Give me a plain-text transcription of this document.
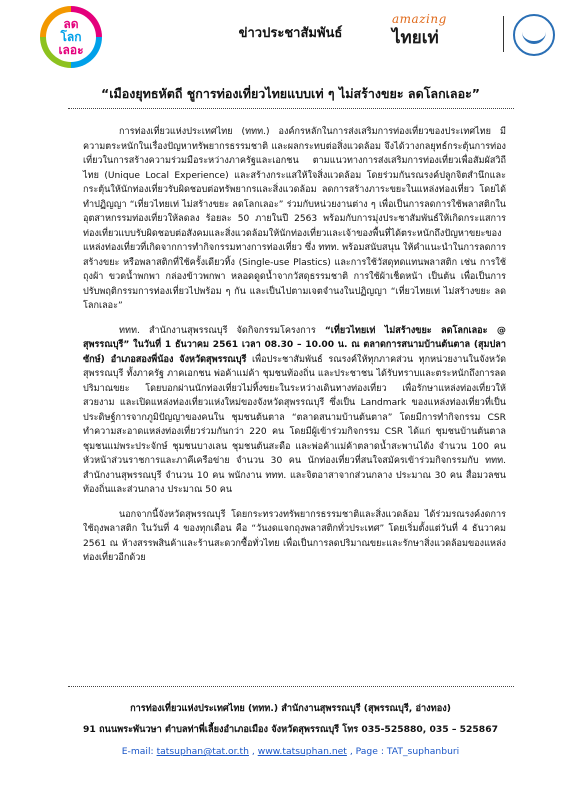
ลด
โลก
เลอะ
ข่าวประชาสัมพันธ์
amazing
ไทยเท่
“เมืองยุทธหัตถี ชูการท่องเที่ยวไทยแบบเท่ ๆ ไม่สร้างขยะ ลดโลกเลอะ”

การท่องเที่ยวแห่งประเทศไทย (ททท.) องค์กรหลักในการส่งเสริมการท่องเที่ยวของประเทศไทย มีความตระหนักในเรื่องปัญหาทรัพยากรธรรมชาติ และผลกระทบต่อสิ่งแวดล้อม จึงได้วางกลยุทธ์กระตุ้นการท่องเที่ยวในการสร้างความร่วมมือระหว่างภาครัฐและเอกชน ตามแนวทางการส่งเสริมการท่องเที่ยวเพื่อสัมผัสวิถีไทย (Unique Local Experience) และสร้างกระแสให้ใจสิ่งแวดล้อม โดยร่วมกันรณรงค์ปลูกจิตสำนึกและกระตุ้นให้นักท่องเที่ยวรับผิดชอบต่อทรัพยากรและสิ่งแวดล้อม ลดการสร้างภาระขยะในแหล่งท่องเที่ยว โดยได้ทำปฏิญญา “เที่ยวไทยเท่ ไม่สร้างขยะ ลดโลกเลอะ” ร่วมกับหน่วยงานต่าง ๆ เพื่อเป็นการลดการใช้พลาสติกในอุตสาหกรรมท่องเที่ยวให้ลดลง ร้อยละ 50 ภายในปี 2563 พร้อมกับการมุ่งประชาสัมพันธ์ให้เกิดกระแสการท่องเที่ยวแบบรับผิดชอบต่อสังคมและสิ่งแวดล้อมให้นักท่องเที่ยวและเจ้าของพื้นที่ได้ตระหนักถึงปัญหาขยะของแหล่งท่องเที่ยวที่เกิดจากการทำกิจกรรมทางการท่องเที่ยว ซึ่ง ททท. พร้อมสนับสนุน ให้คำแนะนำในการลดการสร้างขยะ หรือพลาสติกที่ใช้ครั้งเดียวทิ้ง (Single-use Plastics) และการใช้วัสดุทดแทนพลาสติก เช่น การใช้ถุงผ้า ขวดน้ำพกพา กล่องข้าวพกพา หลอดดูดน้ำจากวัสดุธรรมชาติ การใช้ผ้าเช็ดหน้า เป็นต้น เพื่อเป็นการปรับพฤติกรรมการท่องเที่ยวไปพร้อม ๆ กัน และเป็นไปตามเจตจำนงในปฏิญญา “เที่ยวไทยเท่ ไม่สร้างขยะ ลดโลกเลอะ”

ททท. สำนักงานสุพรรณบุรี จัดกิจกรรมโครงการ “เที่ยวไทยเท่ ไม่สร้างขยะ ลดโลกเลอะ @ สุพรรณบุรี” ในวันที่ 1 ธันวาคม 2561 เวลา 08.30 – 10.00 น. ณ ตลาดการสนามบ้านต้นตาล (สุมปลาซักษ์) อำเภอสองพี่น้อง จังหวัดสุพรรณบุรี เพื่อประชาสัมพันธ์ รณรงค์ให้ทุกภาคส่วน ทุกหน่วยงานในจังหวัดสุพรรณบุรี ทั้งภาครัฐ ภาคเอกชน พ่อค้าแม่ค้า ชุมชนท้องถิ่น และประชาชน ได้รับทราบและตระหนักถึงการลดปริมาณขยะ โดยบอกผ่านนักท่องเที่ยวไม่ทิ้งขยะในระหว่างเดินทางท่องเที่ยว เพื่อรักษาแหล่งท่องเที่ยวให้สวยงาม และเปิดแหล่งท่องเที่ยวแห่งใหม่ของจังหวัดสุพรรณบุรี ซึ่งเป็น Landmark ของแหล่งท่องเที่ยวที่เป็นประดิษฐ์การจากภูมิปัญญาของคนใน ชุมชนต้นตาล “ตลาดสนามบ้านต้นตาล” โดยมีการทำกิจกรรม CSR ทำความสะอาดแหล่งท่องเที่ยวร่วมกันกว่า 220 คน โดยมีผู้เข้าร่วมกิจกรรม CSR ได้แก่ ชุมชนบ้านต้นตาล ชุมชนแม่พระประจักษ์ ชุมชนบางเลน ชุมชนต้นสะดือ และพ่อค้าแม่ค้าตลาดน้ำสะพานได้ง จำนวน 100 คน หัวหน้าส่วนราชการและภาคีเครือข่าย จำนวน 30 คน นักท่องเที่ยวที่สนใจสมัครเข้าร่วมกิจกรรมกับ ททท. สำนักงานสุพรรณบุรี จำนวน 10 คน พนักงาน ททท. และจิตอาสาจากส่วนกลาง ประมาณ 30 คน สื่อมวลชนท้องถิ่นและส่วนกลาง ประมาณ 50 คน

นอกจากนี้จังหวัดสุพรรณบุรี โดยกระทรวงทรัพยากรธรรมชาติและสิ่งแวดล้อม ได้ร่วมรณรงค์งดการใช้ถุงพลาสติก ในวันที่ 4 ของทุกเดือน คือ “วันงดแจกถุงพลาสติกทั่วประเทศ” โดยเริ่มตั้งแต่วันที่ 4 ธันวาคม 2561 ณ ห้างสรรพสินค้าและร้านสะดวกซื้อทั่วไทย เพื่อเป็นการลดปริมาณขยะและรักษาสิ่งแวดล้อมของแหล่งท่องเที่ยวอีกด้วย

การท่องเที่ยวแห่งประเทศไทย (ททท.) สำนักงานสุพรรณบุรี (สุพรรณบุรี, อ่างทอง)
91 ถนนพระพันวษา ตำบลท่าพี่เลี้ยงอำเภอเมือง จังหวัดสุพรรณบุรี โทร 035-525880, 035 – 525867
E-mail: tatsuphan@tat.or.th , www.tatsuphan.net , Page : TAT_suphanburi
